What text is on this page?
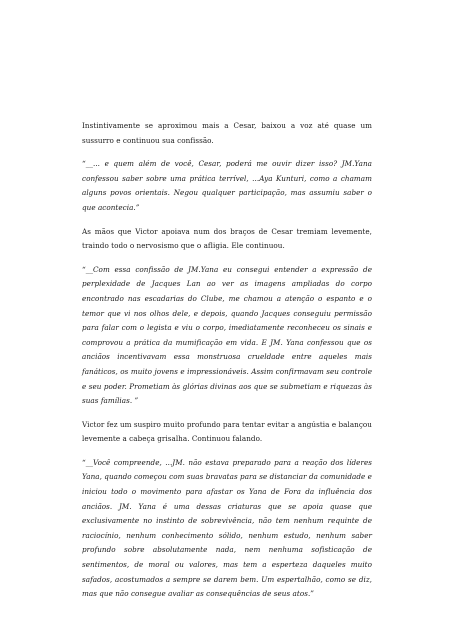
Instintivamente se aproximou mais a Cesar, baixou a voz até quase um sussurro e continuou sua confissão.

“__... e quem além de você, Cesar, poderá me ouvir dizer isso? JM.Yana confessou saber sobre uma prática terrível, ...Aya Kunturi, como a chamam alguns povos orientais. Negou qualquer participação, mas assumiu saber o que acontecia.”

As mãos que Victor apoiava num dos braços de Cesar tremiam levemente, traindo todo o nervosismo que o afligia. Ele continuou.

“__Com essa confissão de JM.Yana eu consegui entender a expressão de perplexidade de Jacques Lan ao ver as imagens ampliadas do corpo encontrado nas escadarias do Clube, me chamou a atenção o espanto e o temor que vi nos olhos dele, e depois, quando Jacques conseguiu permissão para falar com o legista e viu o corpo, imediatamente reconheceu os sinais e comprovou a prática da mumificação em vida. E JM. Yana confessou que os anciãos incentivavam essa monstruosa crueldade entre aqueles mais fanáticos, os muito jovens e impressionáveis. Assim confirmavam seu controle e seu poder. Prometiam às glórias divinas aos que se submetiam e riquezas às suas famílias. ”

Victor fez um suspiro muito profundo para tentar evitar a angústia e balançou levemente a cabeça grisalha. Continuou falando.

“__Você compreende, ...JM. não estava preparado para a reação dos líderes Yana, quando começou com suas bravatas para se distanciar da comunidade e iniciou todo o movimento para afastar os Yana de Fora da influência dos anciãos. JM. Yana é uma dessas criaturas que se apoia quase que exclusivamente no instinto de sobrevivência, não tem nenhum requinte de raciocínio, nenhum conhecimento sólido, nenhum estudo, nenhum saber profundo sobre absolutamente nada, nem nenhuma sofisticação de sentimentos, de moral ou valores, mas tem a esperteza daqueles muito safados, acostumados a sempre se darem bem. Um espertalhão, como se diz, mas que não consegue avaliar as consequências de seus atos.”
